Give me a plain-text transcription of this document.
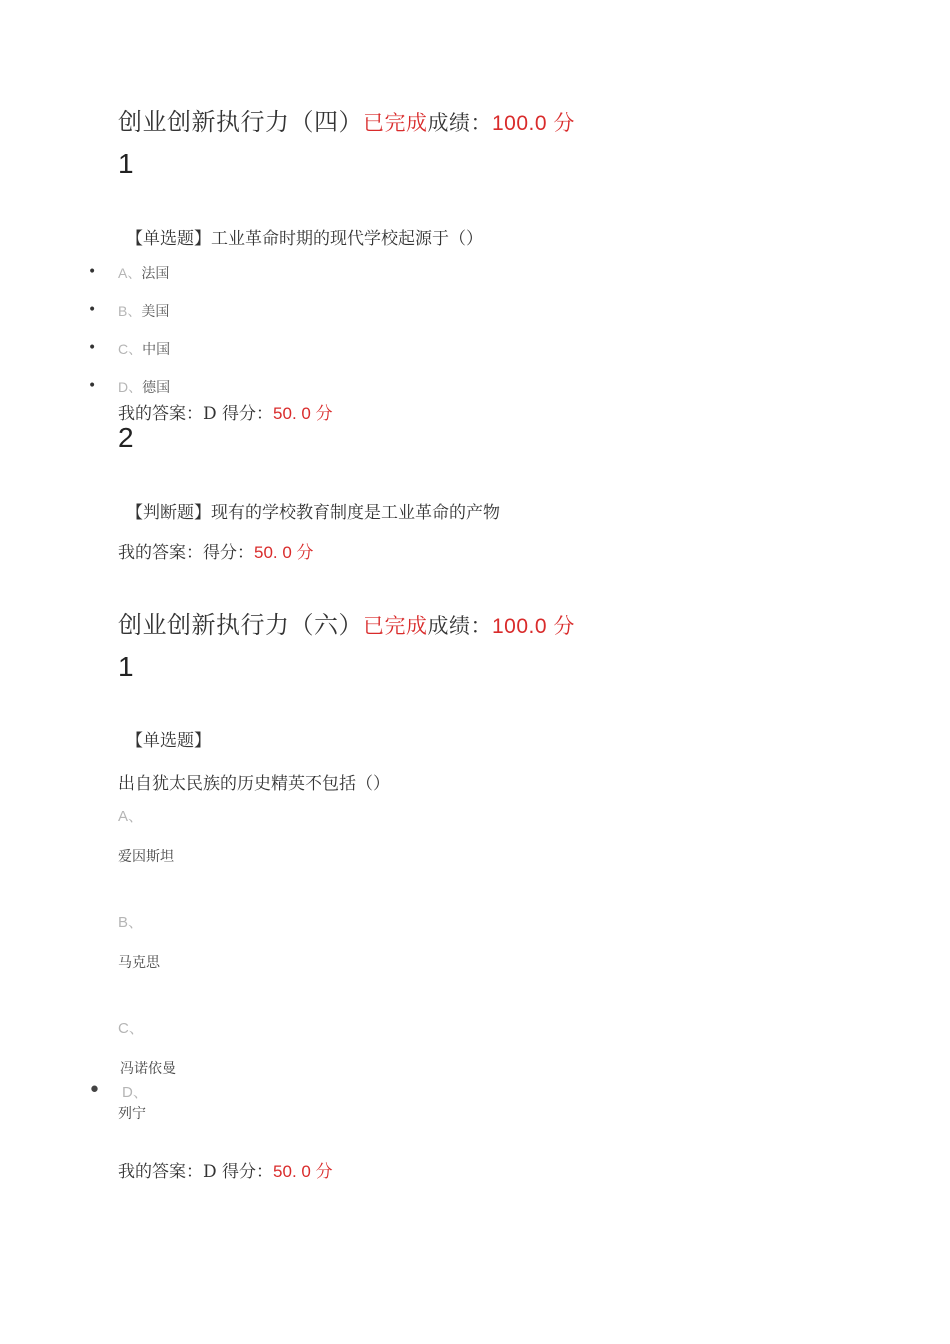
创业创新执行力（四）已完成成绩：100.0 分
1
【单选题】工业革命时期的现代学校起源于（）
• A、法国
• B、美国
• C、中国
• D、德国
我的答案：D 得分：50. 0 分
2
【判断题】现有的学校教育制度是工业革命的产物
我的答案：得分：50. 0 分
创业创新执行力（六）已完成成绩：100.0 分
1
【单选题】
出自犹太民族的历史精英不包括（）
A、
爱因斯坦
B、
马克思
C、
冯诺依曼
• D、
列宁
我的答案：D 得分：50. 0 分
